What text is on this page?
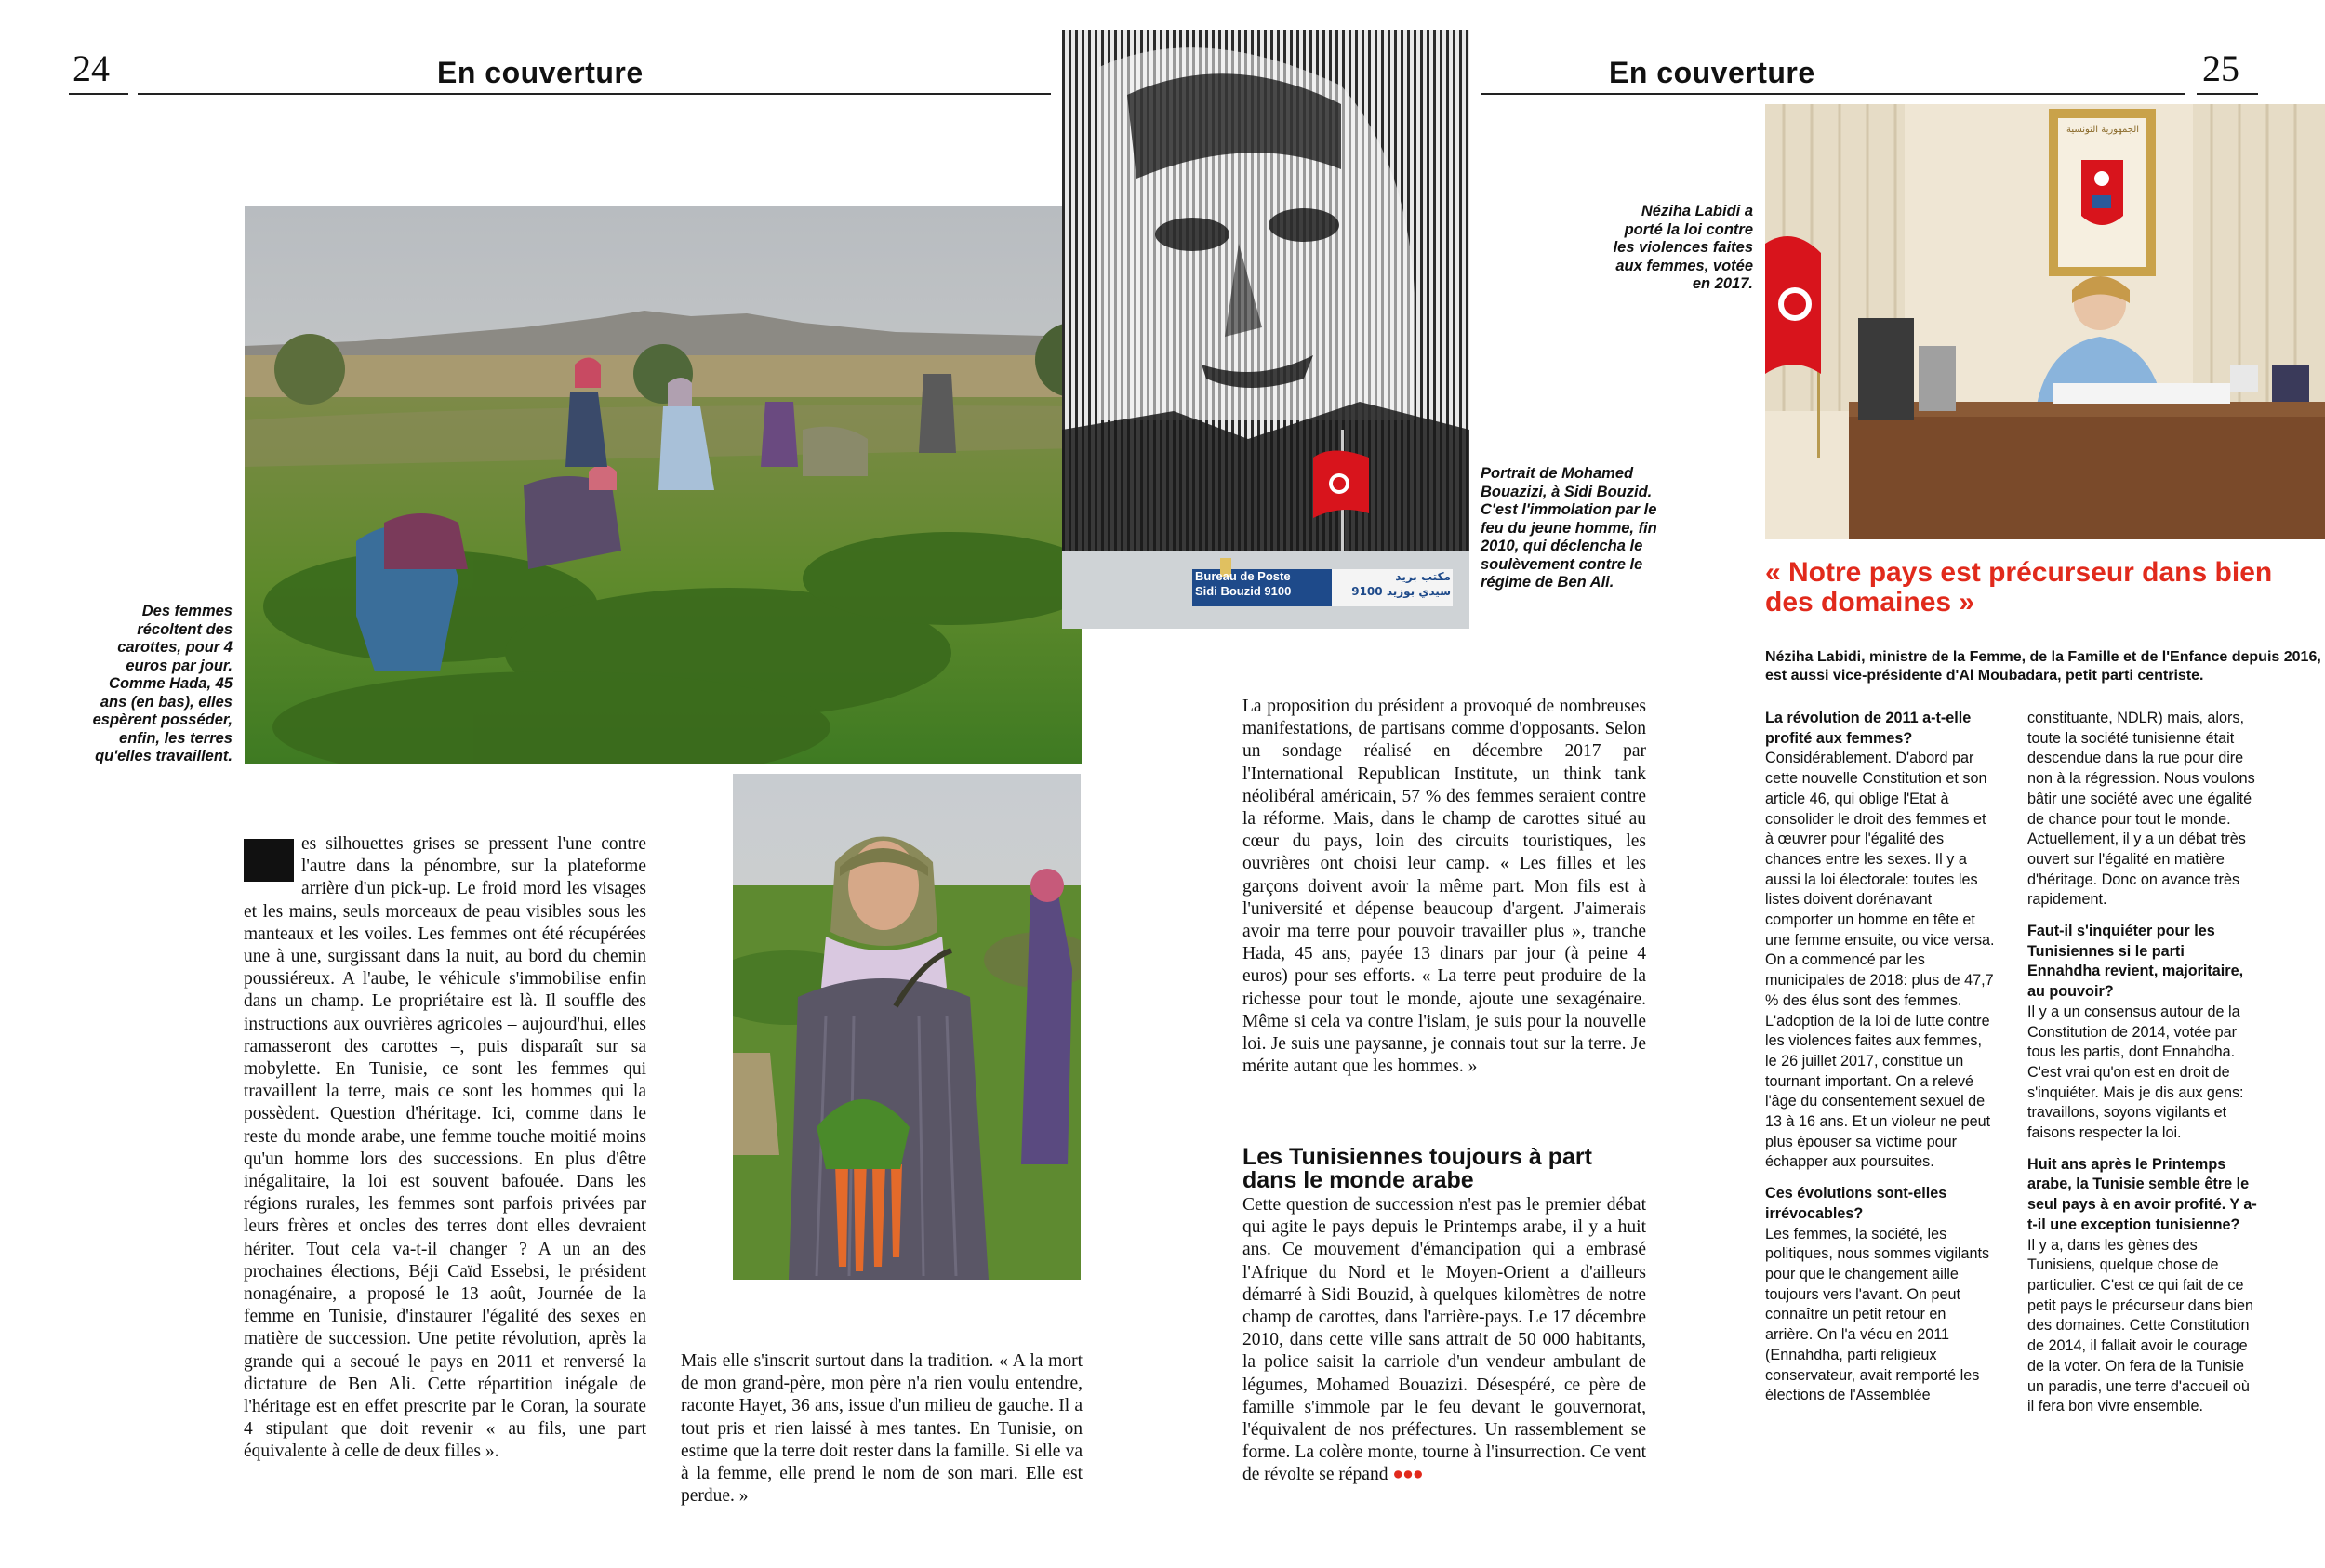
24	En couverture	En couverture	25
Des femmes récoltent des carottes, pour 4 euros par jour. Comme Hada, 45 ans (en bas), elles espèrent posséder, enfin, les terres qu'elles travaillent.
Bureau de Poste
Sidi Bouzid 9100
مكتب بريد
9100 سيدي بوزيد
Portrait de Mohamed Bouazizi, à Sidi Bouzid. C'est l'immolation par le feu du jeune homme, fin 2010, qui déclencha le soulèvement contre le régime de Ben Ali.
الجمهورية التونسية
Néziha Labidi a porté la loi contre les violences faites aux femmes, votée en 2017.

es silhouettes grises se pressent l'une contre l'autre dans la pénombre, sur la plateforme arrière d'un pick-up. Le froid mord les visages et les mains, seuls morceaux de peau visibles sous les manteaux et les voiles. Les femmes ont été récupérées une à une, surgissant dans la nuit, au bord du chemin poussiéreux. A l'aube, le véhicule s'immobilise enfin dans un champ. Le propriétaire est là. Il souffle des instructions aux ouvrières agricoles – aujourd'hui, elles ramasseront des carottes –, puis disparaît sur sa mobylette. En Tunisie, ce sont les femmes qui travaillent la terre, mais ce sont les hommes qui la possèdent. Question d'héritage. Ici, comme dans le reste du monde arabe, une femme touche moitié moins qu'un homme lors des successions. En plus d'être inégalitaire, la loi est souvent bafouée. Dans les régions rurales, les femmes sont parfois privées par leurs frères et oncles des terres dont elles devraient hériter. Tout cela va-t-il changer ? A un an des prochaines élections, Béji Caïd Essebsi, le président nonagénaire, a proposé le 13 août, Journée de la femme en Tunisie, d'instaurer l'égalité des sexes en matière de succession. Une petite révolution, après la grande qui a secoué le pays en 2011 et renversé la dictature de Ben Ali. Cette répartition inégale de l'héritage est en effet prescrite par le Coran, la sourate 4 stipulant que doit revenir « au fils, une part équivalente à celle de deux filles ».

Mais elle s'inscrit surtout dans la tradition. « A la mort de mon grand-père, mon père n'a rien voulu entendre, raconte Hayet, 36 ans, issue d'un milieu de gauche. Il a tout pris et rien laissé à mes tantes. En Tunisie, on estime que la terre doit rester dans la famille. Si elle va à la femme, elle prend le nom de son mari. Elle est perdue. »

La proposition du président a provoqué de nombreuses manifestations, de partisans comme d'opposants. Selon un sondage réalisé en décembre 2017 par l'International Republican Institute, un think tank néolibéral américain, 57 % des femmes seraient contre la réforme. Mais, dans le champ de carottes situé au cœur du pays, loin des circuits touristiques, les ouvrières ont choisi leur camp. « Les filles et les garçons doivent avoir la même part. Mon fils est à l'université et dépense beaucoup d'argent. J'aimerais avoir ma terre pour pouvoir travailler plus », tranche Hada, 45 ans, payée 13 dinars par jour (à peine 4 euros) pour ses efforts. « La terre peut produire de la richesse pour tout le monde, ajoute une sexagénaire. Même si cela va contre l'islam, je suis pour la nouvelle loi. Je suis une paysanne, je connais tout sur la terre. Je mérite autant que les hommes. »

Les Tunisiennes toujours à part dans le monde arabe

Cette question de succession n'est pas le premier débat qui agite le pays depuis le Printemps arabe, il y a huit ans. Ce mouvement d'émancipation qui a embrasé l'Afrique du Nord et le Moyen-Orient a d'ailleurs démarré à Sidi Bouzid, à quelques kilomètres de notre champ de carottes, dans l'arrière-pays. Le 17 décembre 2010, dans cette ville sans attrait de 50 000 habitants, la police saisit la carriole d'un vendeur ambulant de légumes, Mohamed Bouazizi. Désespéré, ce père de famille s'immole par le feu devant le gouvernorat, l'équivalent de nos préfectures. Un rassemblement se forme. La colère monte, tourne à l'insurrection. Ce vent de révolte se répand ●●●

« Notre pays est précurseur dans bien des domaines »
Néziha Labidi, ministre de la Femme, de la Famille et de l'Enfance depuis 2016, est aussi vice-présidente d'Al Moubadara, petit parti centriste.
La révolution de 2011 a-t-elle profité aux femmes?
Considérablement. D'abord par cette nouvelle Constitution et son article 46, qui oblige l'Etat à consolider le droit des femmes et à œuvrer pour l'égalité des chances entre les sexes. Il y a aussi la loi électorale: toutes les listes doivent dorénavant comporter un homme en tête et une femme ensuite, ou vice versa. On a commencé par les municipales de 2018: plus de 47,7 % des élus sont des femmes. L'adoption de la loi de lutte contre les violences faites aux femmes, le 26 juillet 2017, constitue un tournant important. On a relevé l'âge du consentement sexuel de 13 à 16 ans. Et un violeur ne peut plus épouser sa victime pour échapper aux poursuites.
Ces évolutions sont-elles irrévocables?
Les femmes, la société, les politiques, nous sommes vigilants pour que le changement aille toujours vers l'avant. On peut connaître un petit retour en arrière. On l'a vécu en 2011 (Ennahdha, parti religieux conservateur, avait remporté les élections de l'Assemblée
constituante, NDLR) mais, alors, toute la société tunisienne était descendue dans la rue pour dire non à la régression. Nous voulons bâtir une société avec une égalité de chance pour tout le monde. Actuellement, il y a un débat très ouvert sur l'égalité en matière d'héritage. Donc on avance très rapidement.
Faut-il s'inquiéter pour les Tunisiennes si le parti Ennahdha revient, majoritaire, au pouvoir?
Il y a un consensus autour de la Constitution de 2014, votée par tous les partis, dont Ennahdha. C'est vrai qu'on est en droit de s'inquiéter. Mais je dis aux gens: travaillons, soyons vigilants et faisons respecter la loi.
Huit ans après le Printemps arabe, la Tunisie semble être le seul pays à en avoir profité. Y a-t-il une exception tunisienne?
Il y a, dans les gènes des Tunisiens, quelque chose de particulier. C'est ce qui fait de ce petit pays le précurseur dans bien des domaines. Cette Constitution de 2014, il fallait avoir le courage de la voter. On fera de la Tunisie un paradis, une terre d'accueil où il fera bon vivre ensemble.
